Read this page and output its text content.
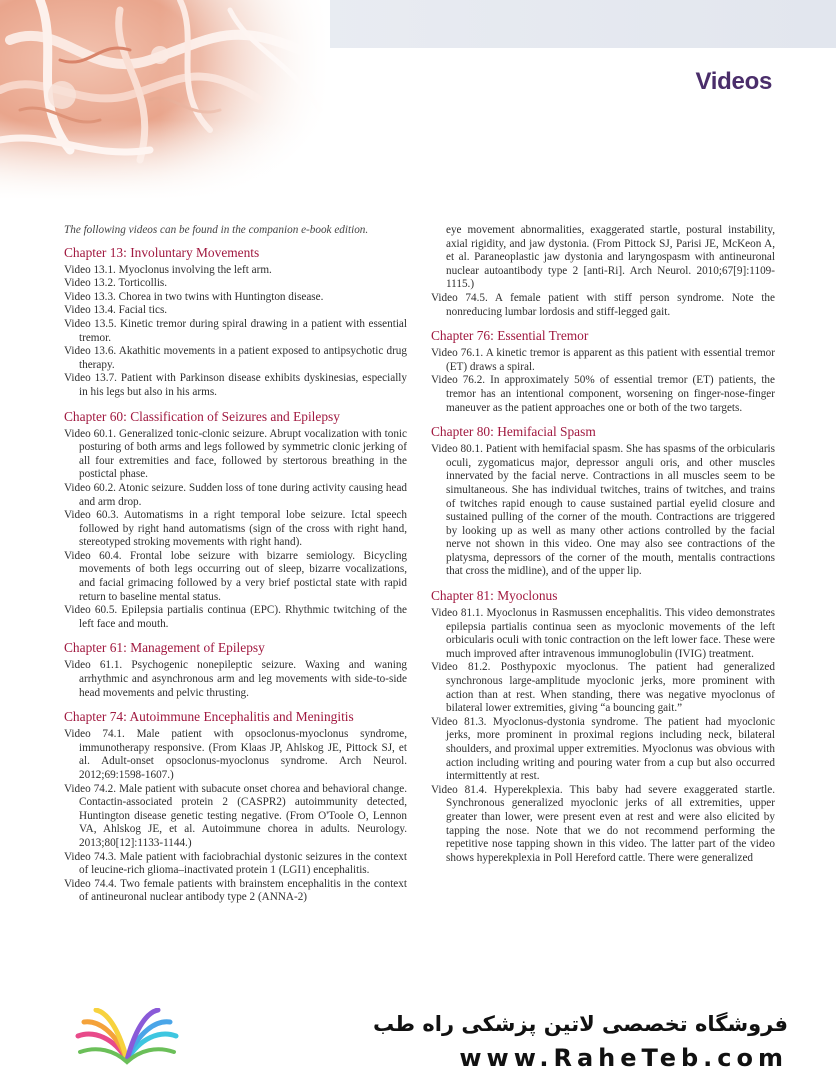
Videos
The following videos can be found in the companion e-book edition.
Chapter 13: Involuntary Movements
Video 13.1. Myoclonus involving the left arm.
Video 13.2. Torticollis.
Video 13.3. Chorea in two twins with Huntington disease.
Video 13.4. Facial tics.
Video 13.5. Kinetic tremor during spiral drawing in a patient with essential tremor.
Video 13.6. Akathitic movements in a patient exposed to antipsychotic drug therapy.
Video 13.7. Patient with Parkinson disease exhibits dyskinesias, especially in his legs but also in his arms.
Chapter 60: Classification of Seizures and Epilepsy
Video 60.1. Generalized tonic-clonic seizure. Abrupt vocalization with tonic posturing of both arms and legs followed by symmetric clonic jerking of all four extremities and face, followed by stertorous breathing in the postictal phase.
Video 60.2. Atonic seizure. Sudden loss of tone during activity causing head and arm drop.
Video 60.3. Automatisms in a right temporal lobe seizure. Ictal speech followed by right hand automatisms (sign of the cross with right hand, stereotyped stroking movements with right hand).
Video 60.4. Frontal lobe seizure with bizarre semiology. Bicycling movements of both legs occurring out of sleep, bizarre vocalizations, and facial grimacing followed by a very brief postictal state with rapid return to baseline mental status.
Video 60.5. Epilepsia partialis continua (EPC). Rhythmic twitching of the left face and mouth.
Chapter 61: Management of Epilepsy
Video 61.1. Psychogenic nonepileptic seizure. Waxing and waning arrhythmic and asynchronous arm and leg movements with side-to-side head movements and pelvic thrusting.
Chapter 74: Autoimmune Encephalitis and Meningitis
Video 74.1. Male patient with opsoclonus-myoclonus syndrome, immunotherapy responsive. (From Klaas JP, Ahlskog JE, Pittock SJ, et al. Adult-onset opsoclonus-myoclonus syndrome. Arch Neurol. 2012;69:1598-1607.)
Video 74.2. Male patient with subacute onset chorea and behavioral change. Contactin-associated protein 2 (CASPR2) autoimmunity detected, Huntington disease genetic testing negative. (From O'Toole O, Lennon VA, Ahlskog JE, et al. Autoimmune chorea in adults. Neurology. 2013;80[12]:1133-1144.)
Video 74.3. Male patient with faciobrachial dystonic seizures in the context of leucine-rich glioma–inactivated protein 1 (LGI1) encephalitis.
Video 74.4. Two female patients with brainstem encephalitis in the context of antineuronal nuclear antibody type 2 (ANNA-2)
eye movement abnormalities, exaggerated startle, postural instability, axial rigidity, and jaw dystonia. (From Pittock SJ, Parisi JE, McKeon A, et al. Paraneoplastic jaw dystonia and laryngospasm with antineuronal nuclear autoantibody type 2 [anti-Ri]. Arch Neurol. 2010;67[9]:1109-1115.)
Video 74.5. A female patient with stiff person syndrome. Note the nonreducing lumbar lordosis and stiff-legged gait.
Chapter 76: Essential Tremor
Video 76.1. A kinetic tremor is apparent as this patient with essential tremor (ET) draws a spiral.
Video 76.2. In approximately 50% of essential tremor (ET) patients, the tremor has an intentional component, worsening on finger-nose-finger maneuver as the patient approaches one or both of the two targets.
Chapter 80: Hemifacial Spasm
Video 80.1. Patient with hemifacial spasm. She has spasms of the orbicularis oculi, zygomaticus major, depressor anguli oris, and other muscles innervated by the facial nerve. Contractions in all muscles seem to be simultaneous. She has individual twitches, trains of twitches, and trains of twitches rapid enough to cause sustained partial eyelid closure and sustained pulling of the corner of the mouth. Contractions are triggered by looking up as well as many other actions controlled by the facial nerve not shown in this video. One may also see contractions of the platysma, depressors of the corner of the mouth, mentalis contractions that cross the midline), and of the upper lip.
Chapter 81: Myoclonus
Video 81.1. Myoclonus in Rasmussen encephalitis. This video demonstrates epilepsia partialis continua seen as myoclonic movements of the left orbicularis oculi with tonic contraction on the left lower face. These were much improved after intravenous immunoglobulin (IVIG) treatment.
Video 81.2. Posthypoxic myoclonus. The patient had generalized synchronous large-amplitude myoclonic jerks, more prominent with action than at rest. When standing, there was negative myoclonus of bilateral lower extremities, giving “a bouncing gait.”
Video 81.3. Myoclonus-dystonia syndrome. The patient had myoclonic jerks, more prominent in proximal regions including neck, bilateral shoulders, and proximal upper extremities. Myoclonus was obvious with action including writing and pouring water from a cup but also occurred intermittently at rest.
Video 81.4. Hyperekplexia. This baby had severe exaggerated startle. Synchronous generalized myoclonic jerks of all extremities, upper greater than lower, were present even at rest and were also elicited by tapping the nose. Note that we do not recommend performing the repetitive nose tapping shown in this video. The latter part of the video shows hyperekplexia in Poll Hereford cattle. There were generalized
فروشگاه تخصصی لاتین پزشکی راه طب
www.RaheTeb.com
